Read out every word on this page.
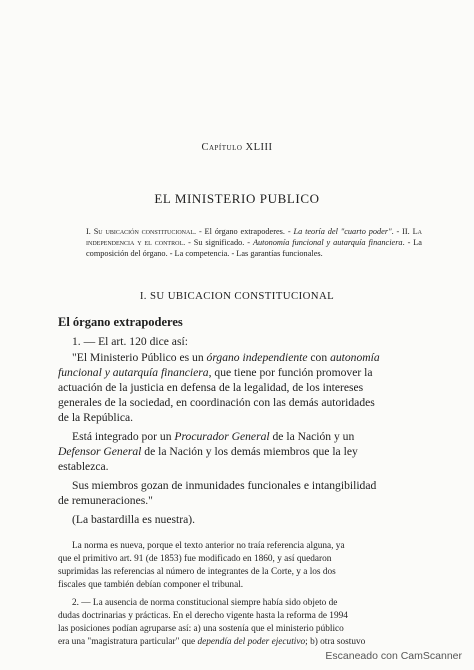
Capítulo XLIII
EL MINISTERIO PUBLICO
I. Su ubicación constitucional. - El órgano extrapoderes. - La teoría del "cuarto poder". - II. La independencia y el control. - Su significado. - Autonomía funcional y autarquía financiera. - La composición del órgano. - La competencia. - Las garantías funcionales.
I. SU UBICACION CONSTITUCIONAL
El órgano extrapoderes
1. — El art. 120 dice así:
"El Ministerio Público es un órgano independiente con autonomía
funcional y autarquía financiera, que tiene por función promover la
actuación de la justicia en defensa de la legalidad, de los intereses
generales de la sociedad, en coordinación con las demás autoridades
de la República.
Está integrado por un Procurador General de la Nación y un
Defensor General de la Nación y los demás miembros que la ley
establezca.
Sus miembros gozan de inmunidades funcionales e intangibilidad
de remuneraciones."
(La bastardilla es nuestra).
La norma es nueva, porque el texto anterior no traía referencia alguna, ya
que el primitivo art. 91 (de 1853) fue modificado en 1860, y así quedaron
suprimidas las referencias al número de integrantes de la Corte, y a los dos
fiscales que también debían componer el tribunal.
2. — La ausencia de norma constitucional siempre había sido objeto de
dudas doctrinarias y prácticas. En el derecho vigente hasta la reforma de 1994
las posiciones podían agruparse así: a) una sostenía que el ministerio público
era una "magistratura particular" que dependía del poder ejecutivo; b) otra sostuvo
Escaneado con CamScanner
